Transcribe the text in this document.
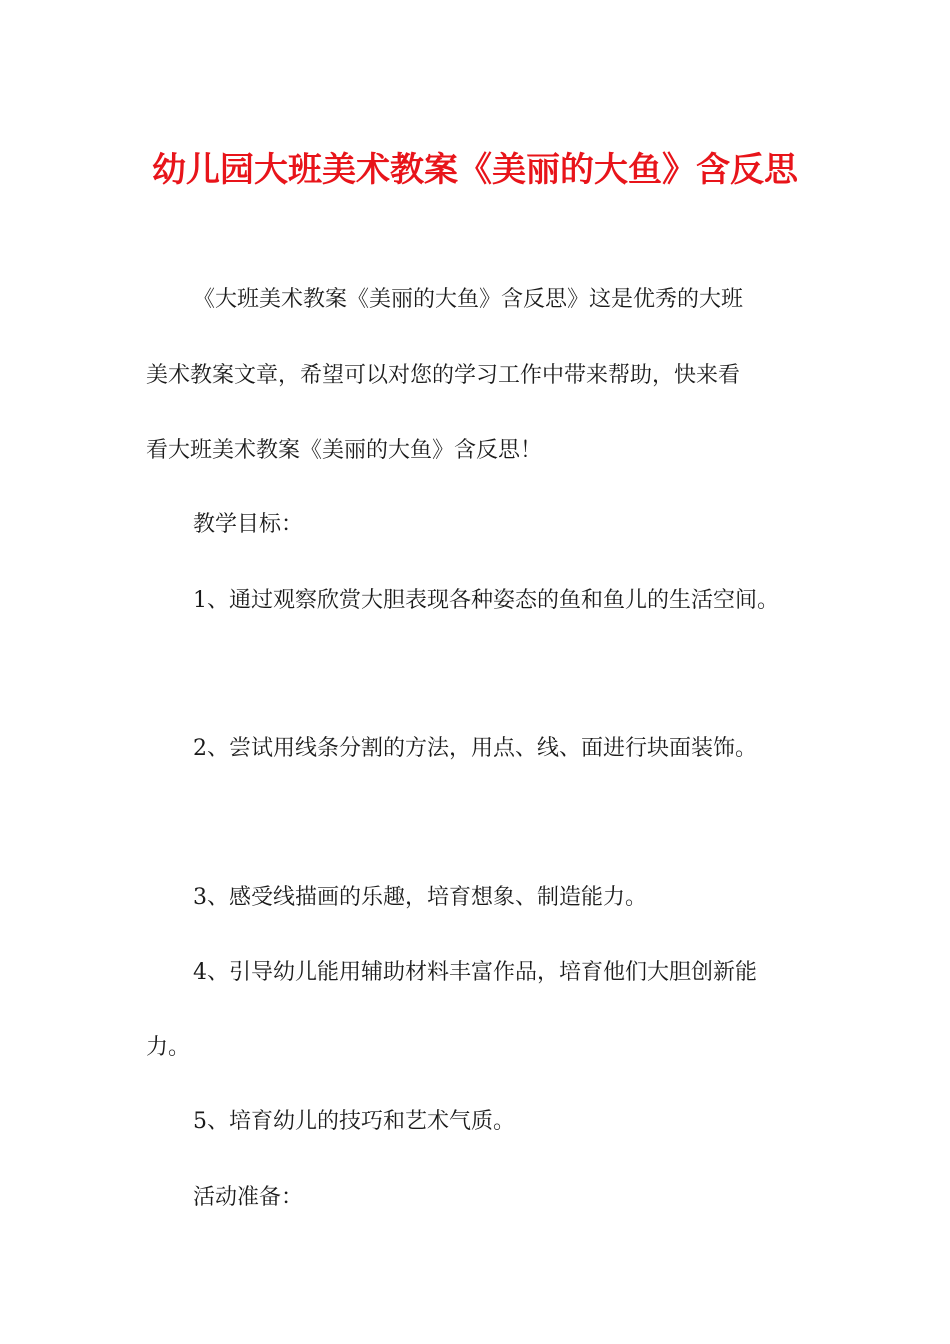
幼儿园大班美术教案《美丽的大鱼》含反思
《大班美术教案《美丽的大鱼》含反思》这是优秀的大班
美术教案文章，希望可以对您的学习工作中带来帮助，快来看
看大班美术教案《美丽的大鱼》含反思！
教学目标：
1、通过观察欣赏大胆表现各种姿态的鱼和鱼儿的生活空间。
2、尝试用线条分割的方法，用点、线、面进行块面装饰。
3、感受线描画的乐趣，培育想象、制造能力。
4、引导幼儿能用辅助材料丰富作品，培育他们大胆创新能
力。
5、培育幼儿的技巧和艺术气质。
活动准备：
